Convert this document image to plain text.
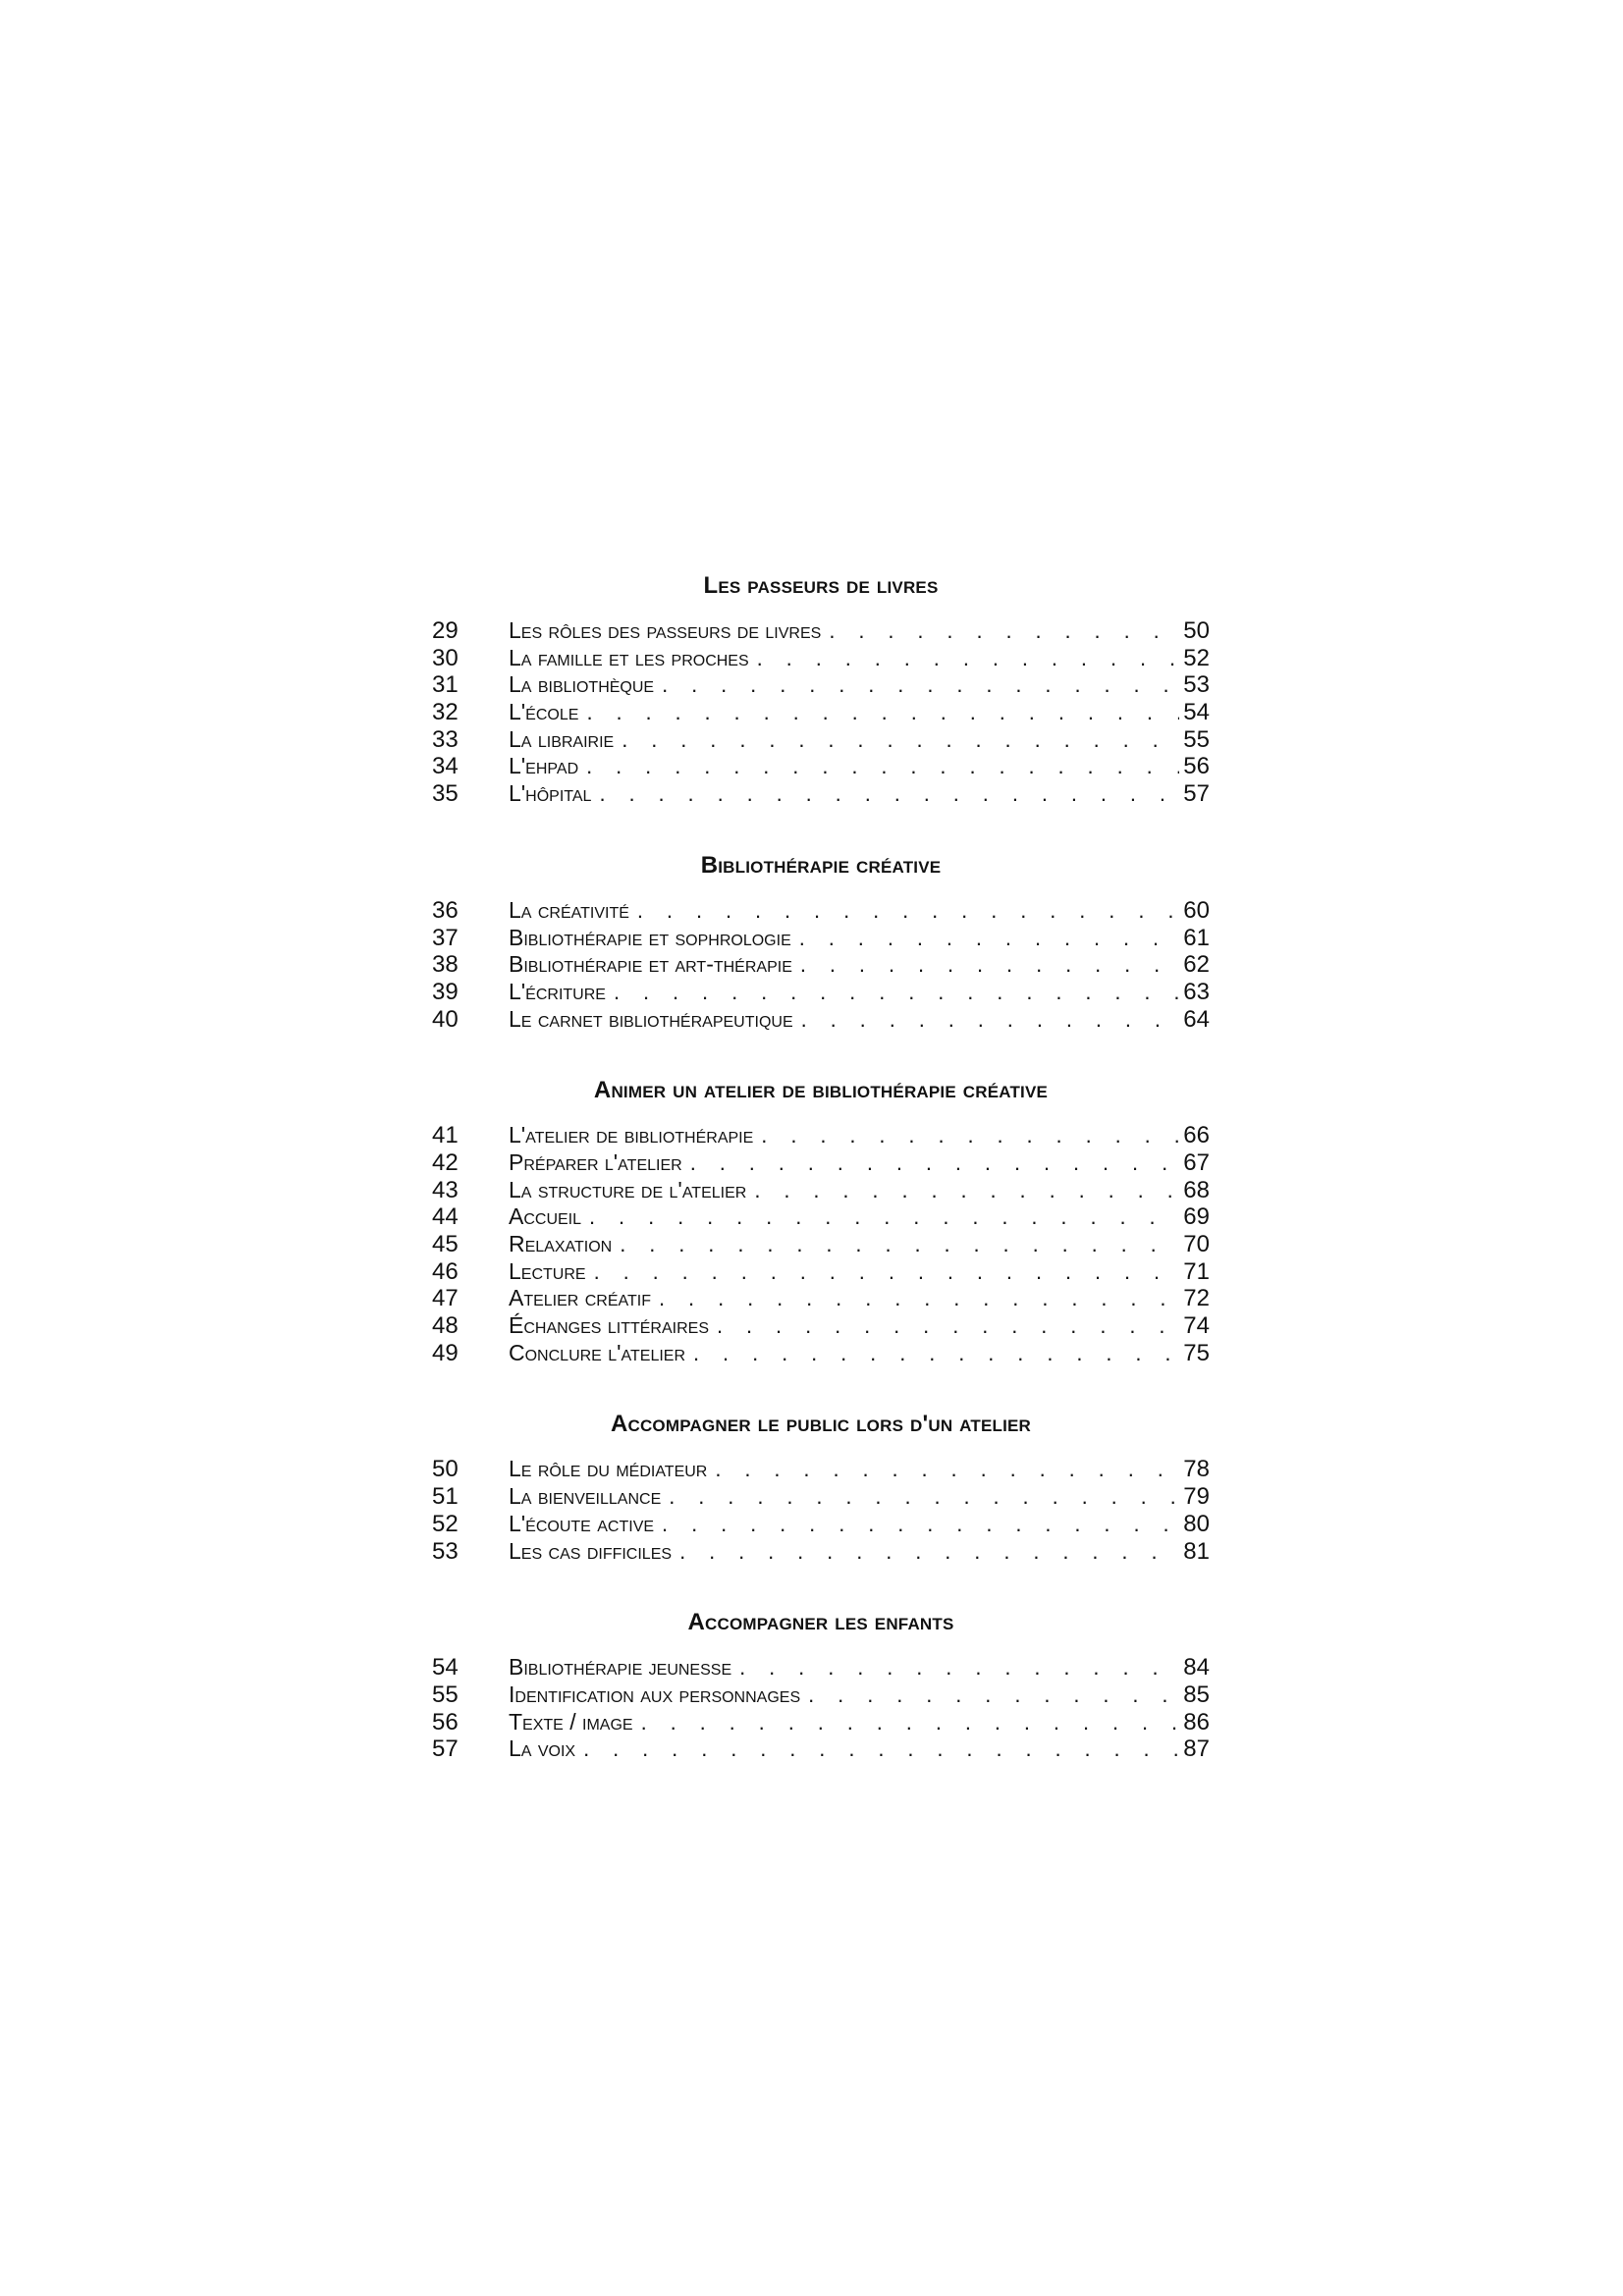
Les passeurs de livres
29	Les rôles des passeurs de livres . . .	50
30	La famille et les proches . . .	52
31	La bibliothèque . . .	53
32	L'école . . .	54
33	La librairie . . .	55
34	L'ehpad . . .	56
35	L'hôpital . . .	57
Bibliothérapie créative
36	La créativité . . .	60
37	Bibliothérapie et sophrologie . . .	61
38	Bibliothérapie et art-thérapie . . .	62
39	L'écriture . . .	63
40	Le carnet bibliothérapeutique . . .	64
Animer un atelier de bibliothérapie créative
41	L'atelier de bibliothérapie . . .	66
42	Préparer l'atelier . . .	67
43	La structure de l'atelier . . .	68
44	Accueil . . .	69
45	Relaxation . . .	70
46	Lecture . . .	71
47	Atelier créatif . . .	72
48	Échanges littéraires . . .	74
49	Conclure l'atelier . . .	75
Accompagner le public lors d'un atelier
50	Le rôle du médiateur . . .	78
51	La bienveillance . . .	79
52	L'écoute active . . .	80
53	Les cas difficiles . . .	81
Accompagner les enfants
54	Bibliothérapie jeunesse . . .	84
55	Identification aux personnages . . .	85
56	Texte / image . . .	86
57	La voix . . .	87
